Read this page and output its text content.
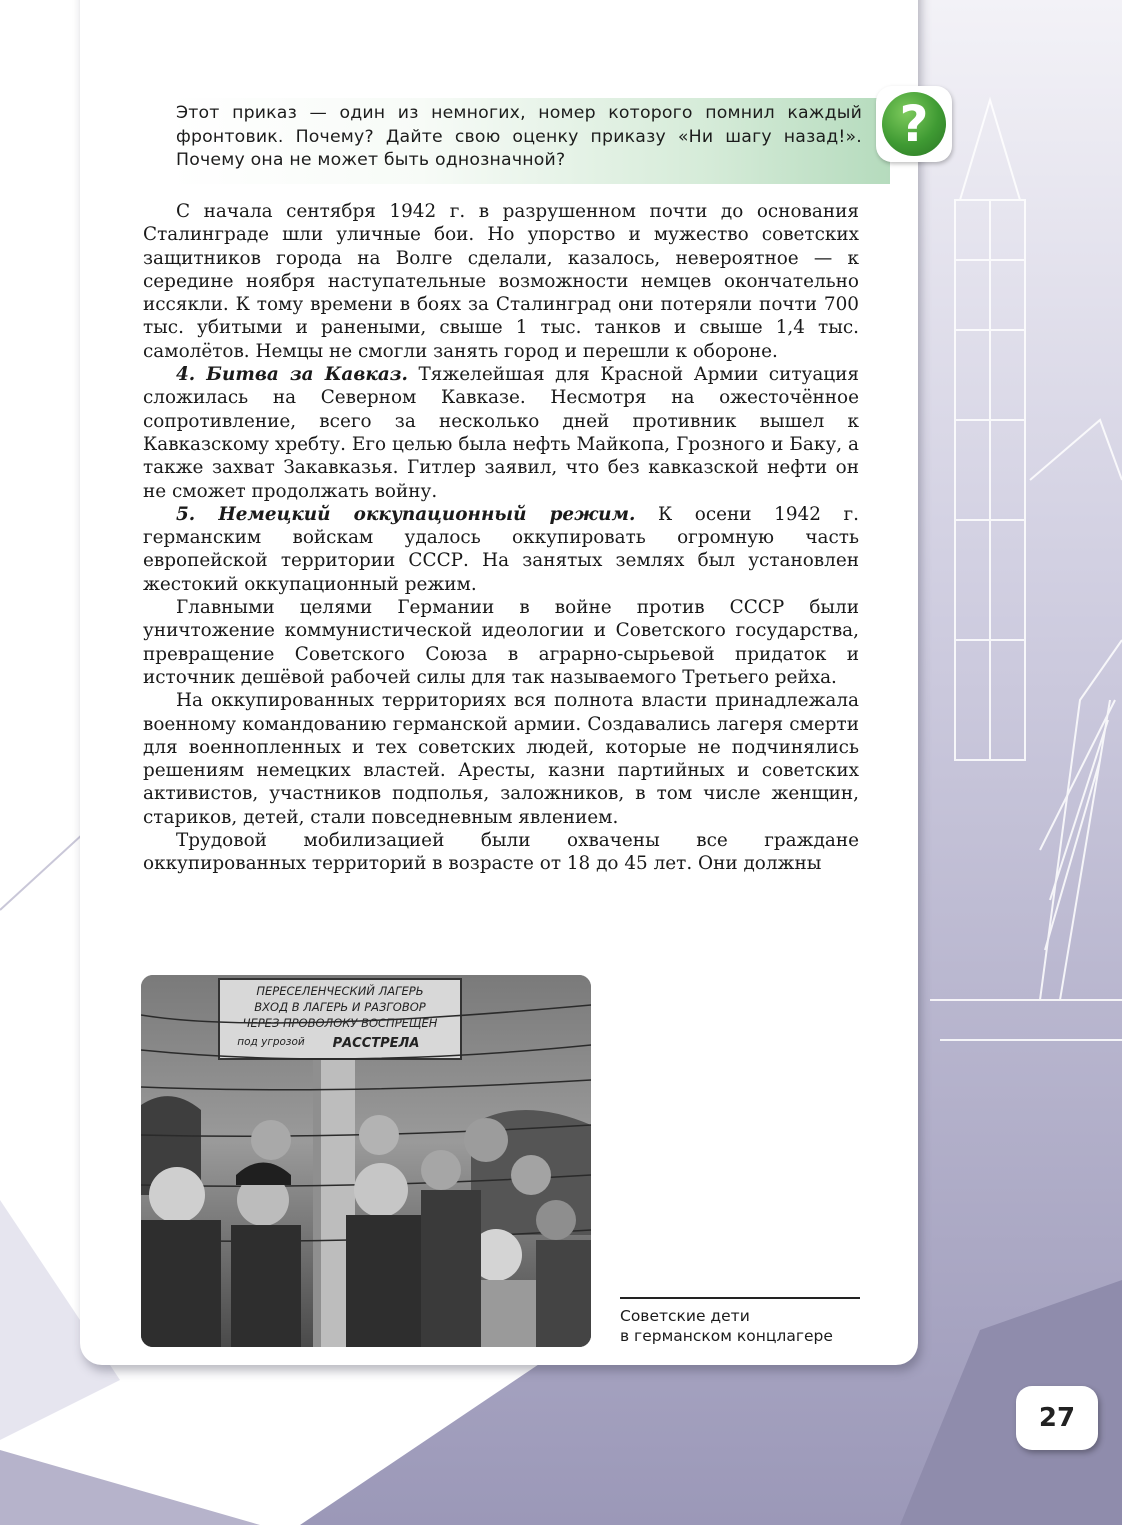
Этот приказ — один из немногих, номер которого помнил каждый фронтовик. Почему? Дайте свою оценку приказу «Ни шагу назад!». Почему она не может быть однозначной?
?

С начала сентября 1942 г. в разрушенном почти до основания Сталинграде шли уличные бои. Но упорство и мужество советских защитников города на Волге сделали, казалось, невероятное — к середине ноября наступательные возможности немцев окончательно иссякли. К тому времени в боях за Сталинград они потеряли почти 700 тыс. убитыми и ранеными, свыше 1 тыс. танков и свыше 1,4 тыс. самолётов. Немцы не смогли занять город и перешли к обороне.

4. Битва за Кавказ. Тяжелейшая для Красной Армии ситуация сложилась на Северном Кавказе. Несмотря на ожесточённое сопротивление, всего за несколько дней противник вышел к Кавказскому хребту. Его целью была нефть Майкопа, Грозного и Баку, а также захват Закавказья. Гитлер заявил, что без кавказской нефти он не сможет продолжать войну.

5. Немецкий оккупационный режим. К осени 1942 г. германским войскам удалось оккупировать огромную часть европейской территории СССР. На занятых землях был установлен жестокий оккупационный режим.

Главными целями Германии в войне против СССР были уничтожение коммунистической идеологии и Советского государства, превращение Советского Союза в аграрно-сырьевой придаток и источник дешёвой рабочей силы для так называемого Третьего рейха.

На оккупированных территориях вся полнота власти принадлежала военному командованию германской армии. Создавались лагеря смерти для военнопленных и тех советских людей, которые не подчинялись решениям немецких властей. Аресты, казни партийных и советских активистов, участников подполья, заложников, в том числе женщин, стариков, детей, стали повседневным явлением.

Трудовой мобилизацией были охвачены все граждане оккупированных территорий в возрасте от 18 до 45 лет. Они должны

ПЕРЕСЕЛЕНЧЕСКИЙ ЛАГЕРЬ
ВХОД В ЛАГЕРЬ И РАЗГОВОР
ЧЕРЕЗ ПРОВОЛОКУ ВОСПРЕЩЕН
под угрозой РАССТРЕЛА
Советские дети
в германском концлагере
27
